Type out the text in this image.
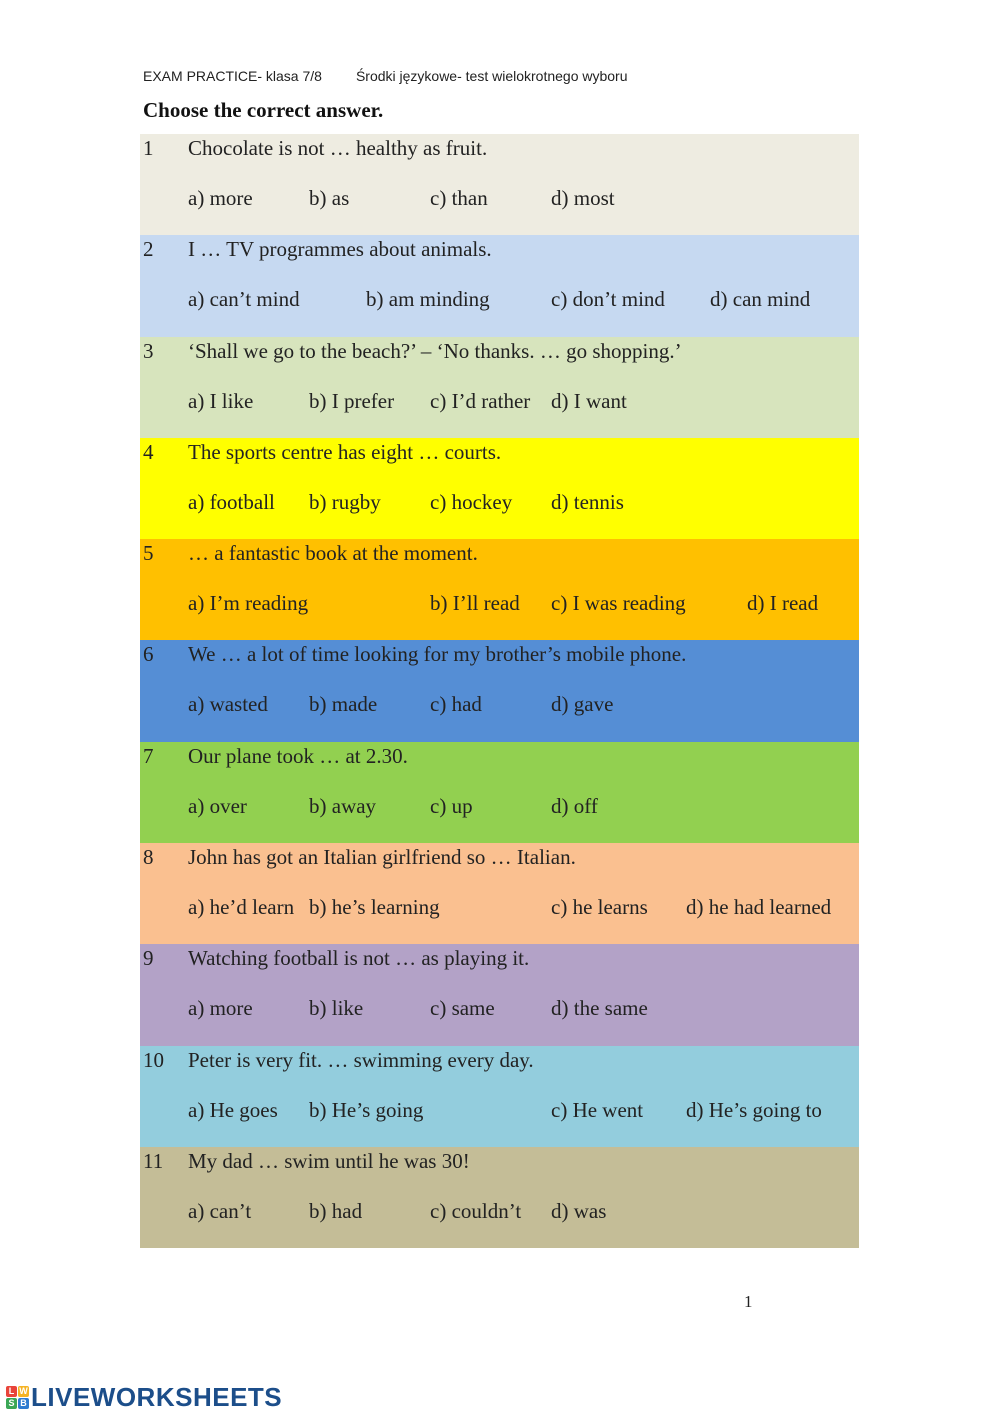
EXAM PRACTICE- klasa 7/8 Środki językowe- test wielokrotnego wyboru
Choose the correct answer.
1 Chocolate is not … healthy as fruit.
a) more	b) as	c) than	d) most
2 I … TV programmes about animals.
a) can’t mind	b) am minding	c) don’t mind d) can mind
3 ‘Shall we go to the beach?’ – ‘No thanks. … go shopping.’
a) I like	b) I prefer c) I’d rather d) I want
4 The sports centre has eight … courts.
a) football b) rugby c) hockey d) tennis
5 … a fantastic book at the moment.
a) I’m reading	b) I’ll read c) I was reading	d) I read
6 We … a lot of time looking for my brother’s mobile phone.
a) wasted b) made	c) had	d) gave
7 Our plane took … at 2.30.
a) over	b) away	c) up	d) off
8 John has got an Italian girlfriend so … Italian.
a) he’d learn b) he’s learning	c) he learns d) he had learned
9 Watching football is not … as playing it.
a) more	b) like	c) same	d) the same
10 Peter is very fit. … swimming every day.
a) He goes b) He’s going	c) He went d) He’s going to
11 My dad … swim until he was 30!
a) can’t	b) had	c) couldn’t d) was
1
L W
S B LIVEWORKSHEETS
